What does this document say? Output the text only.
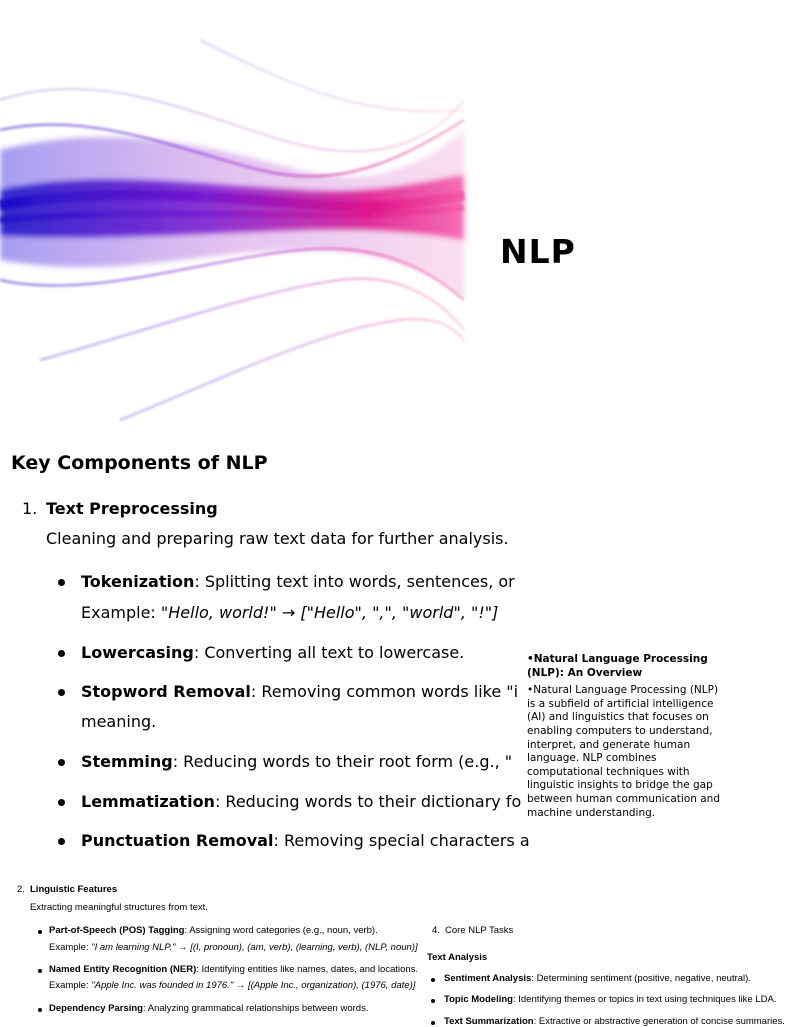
NLP
Key Components of NLP
1. Text Preprocessing
Cleaning and preparing raw text data for further analysis.
Tokenization: Splitting text into words, sentences, or
Example: "Hello, world!" → ["Hello", ",", "world", "!"]
Lowercasing: Converting all text to lowercase.
Stopword Removal: Removing common words like "i
meaning.
Stemming: Reducing words to their root form (e.g., "
Lemmatization: Reducing words to their dictionary fo
Punctuation Removal: Removing special characters a
•Natural Language Processing (NLP): An Overview
•Natural Language Processing (NLP) is a subfield of artificial intelligence (AI) and linguistics that focuses on enabling computers to understand, interpret, and generate human language. NLP combines computational techniques with linguistic insights to bridge the gap between human communication and machine understanding.
2. Linguistic Features
Extracting meaningful structures from text.
Part-of-Speech (POS) Tagging: Assigning word categories (e.g., noun, verb).
Example: "I am learning NLP." → [(I, pronoun), (am, verb), (learning, verb), (NLP, noun)]
Named Entity Recognition (NER): Identifying entities like names, dates, and locations.
Example: "Apple Inc. was founded in 1976." → [(Apple Inc., organization), (1976, date)]
Dependency Parsing: Analyzing grammatical relationships between words.
4. Core NLP Tasks
Text Analysis
Sentiment Analysis: Determining sentiment (positive, negative, neutral).
Topic Modeling: Identifying themes or topics in text using techniques like LDA.
Text Summarization: Extractive or abstractive generation of concise summaries.
